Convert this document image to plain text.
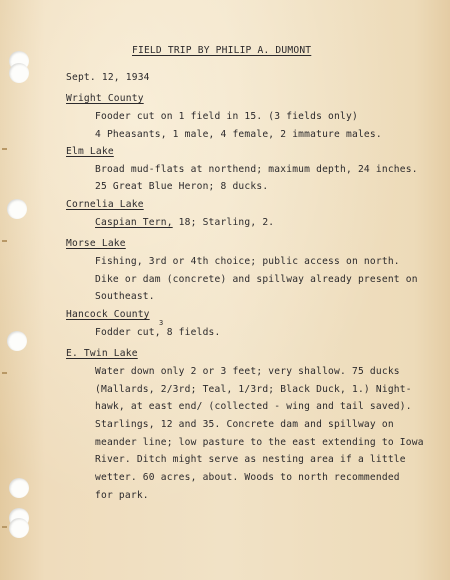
FIELD TRIP BY PHILIP A. DUMONT
Sept. 12, 1934
Wright County
Fooder cut on 1 field in 15. (3 fields only)
4 Pheasants, 1 male, 4 female, 2 immature males.
Elm Lake
Broad mud-flats at northend; maximum depth, 24 inches.
25 Great Blue Heron; 8 ducks.
Cornelia Lake
Caspian Tern, 18; Starling, 2.
Morse Lake
Fishing, 3rd or 4th choice; public access on north.
Dike or dam (concrete) and spillway already present on
Southeast.
Hancock County
3
Fodder cut, 8 fields.
E. Twin Lake
Water down only 2 or 3 feet; very shallow. 75 ducks
(Mallards, 2/3rd; Teal, 1/3rd; Black Duck, 1.) Night-
hawk, at east end/ (collected - wing and tail saved).
Starlings, 12 and 35. Concrete dam and spillway on
meander line; low pasture to the east extending to Iowa
River. Ditch might serve as nesting area if a little
wetter. 60 acres, about. Woods to north recommended
for park.
